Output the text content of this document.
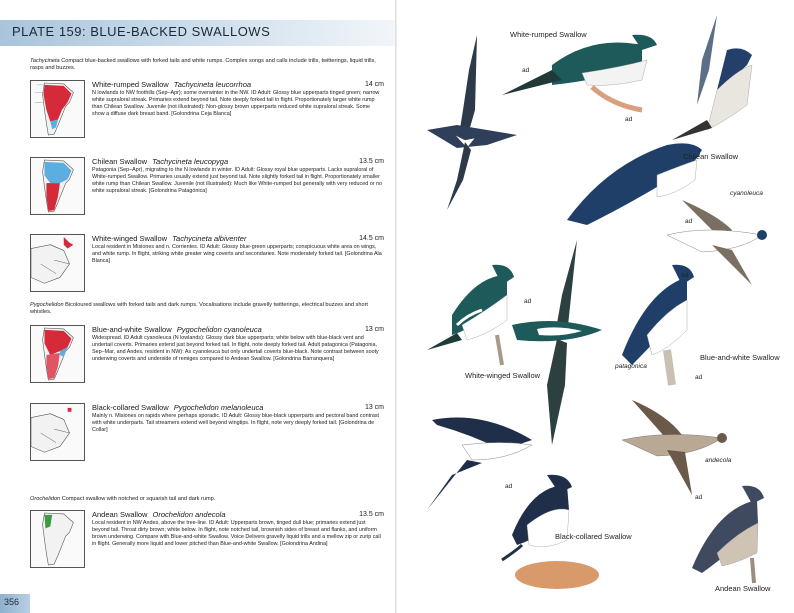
PLATE 159: BLUE-BACKED SWALLOWS

Tachycineta Compact blue-backed swallows with forked tails and white rumps. Complex songs and calls include trills, twitterings, liquid trills, rasps and buzzes.

White-rumped Swallow Tachycineta leucorrhoa	14 cm

N lowlands to NW foothills (Sep–Apr); some overwinter in the NW. ID Adult: Glossy blue upperparts tinged green; narrow white supraloral streak. Primaries extend beyond tail. Note deeply forked tail in flight. Proportionately larger white rump than Chilean Swallow. Juvenile (not illustrated): Non-glossy brown upperparts reduced white supraloral streak. Some show a diffuse dark breast band. [Golondrina Ceja Blanca]

Chilean Swallow Tachycineta leucopyga	13.5 cm

Patagonia (Sep–Apr), migrating to the N lowlands in winter. ID Adult: Glossy royal blue upperparts. Lacks supraloral of White-rumped Swallow. Primaries usually extend just beyond tail. Note slightly forked tail in flight. Proportionately smaller white rump than Chilean Swallow. Juvenile (not illustrated): Much like White-rumped but generally with very reduced or no white supraloral streak. [Golondrina Patagónica]

White-winged Swallow Tachycineta albiventer	14.5 cm

Local resident in Misiones and n. Corrientes. ID Adult: Glossy blue-green upperparts; conspicuous white area on wings, and white rump. In flight, striking white greater wing coverts and secondaries. Note moderately forked tail. [Golondrina Ala Blanca]

Pygochelidon Bicoloured swallows with forked tails and dark rumps. Vocalisations include gravelly twitterings, electrical buzzes and short whistles.

Blue-and-white Swallow Pygochelidon cyanoleuca	13 cm

Widespread. ID Adult cyanoleuca (N lowlands): Glossy dark blue upperparts; white below with blue-black vent and undertail coverts. Primaries extend just beyond forked tail. In flight, note deeply forked tail. Adult patagonica (Patagonia, Sep–Mar, and Andes, resident in NW): As cyanoleuca but only undertail coverts blue-black. Note contrast between sooty underwing coverts and underside of remiges compared to Andean Swallow. [Golondrina Barranquera]

Black-collared Swallow Pygochelidon melanoleuca	13 cm

Mainly n. Misiones on rapids where perhaps sporadic. ID Adult: Glossy blue-black upperparts and pectoral band contrast with white underparts. Tail streamers extend well beyond wingtips. In flight, note very deeply forked tail. [Golondrina de Collar]

Orochelidon Compact swallow with notched or squarish tail and dark rump.

Andean Swallow Orochelidon andecola	13.5 cm

Local resident in NW Andes, above the tree-line. ID Adult: Upperparts brown, tinged dull blue; primaries extend just beyond tail. Throat dirty brown; white below. In flight, note notched tail, brownish sides of breast and flanks, and uniform brown underwing. Compare with Blue-and-white Swallow. Voice Delivers gravelly liquid trills and a mellow zip or zurip call in flight. Generally more liquid and lower pitched than Blue-and-white Swallow. [Golondrina Andina]

356
White-rumped Swallow
Chilean Swallow
cyanoleuca
White-winged Swallow
patagonica
Blue-and-white Swallow
andecola
Black-collared Swallow
Andean Swallow
ad
ad
ad
ad
ad
ad
ad
ad
